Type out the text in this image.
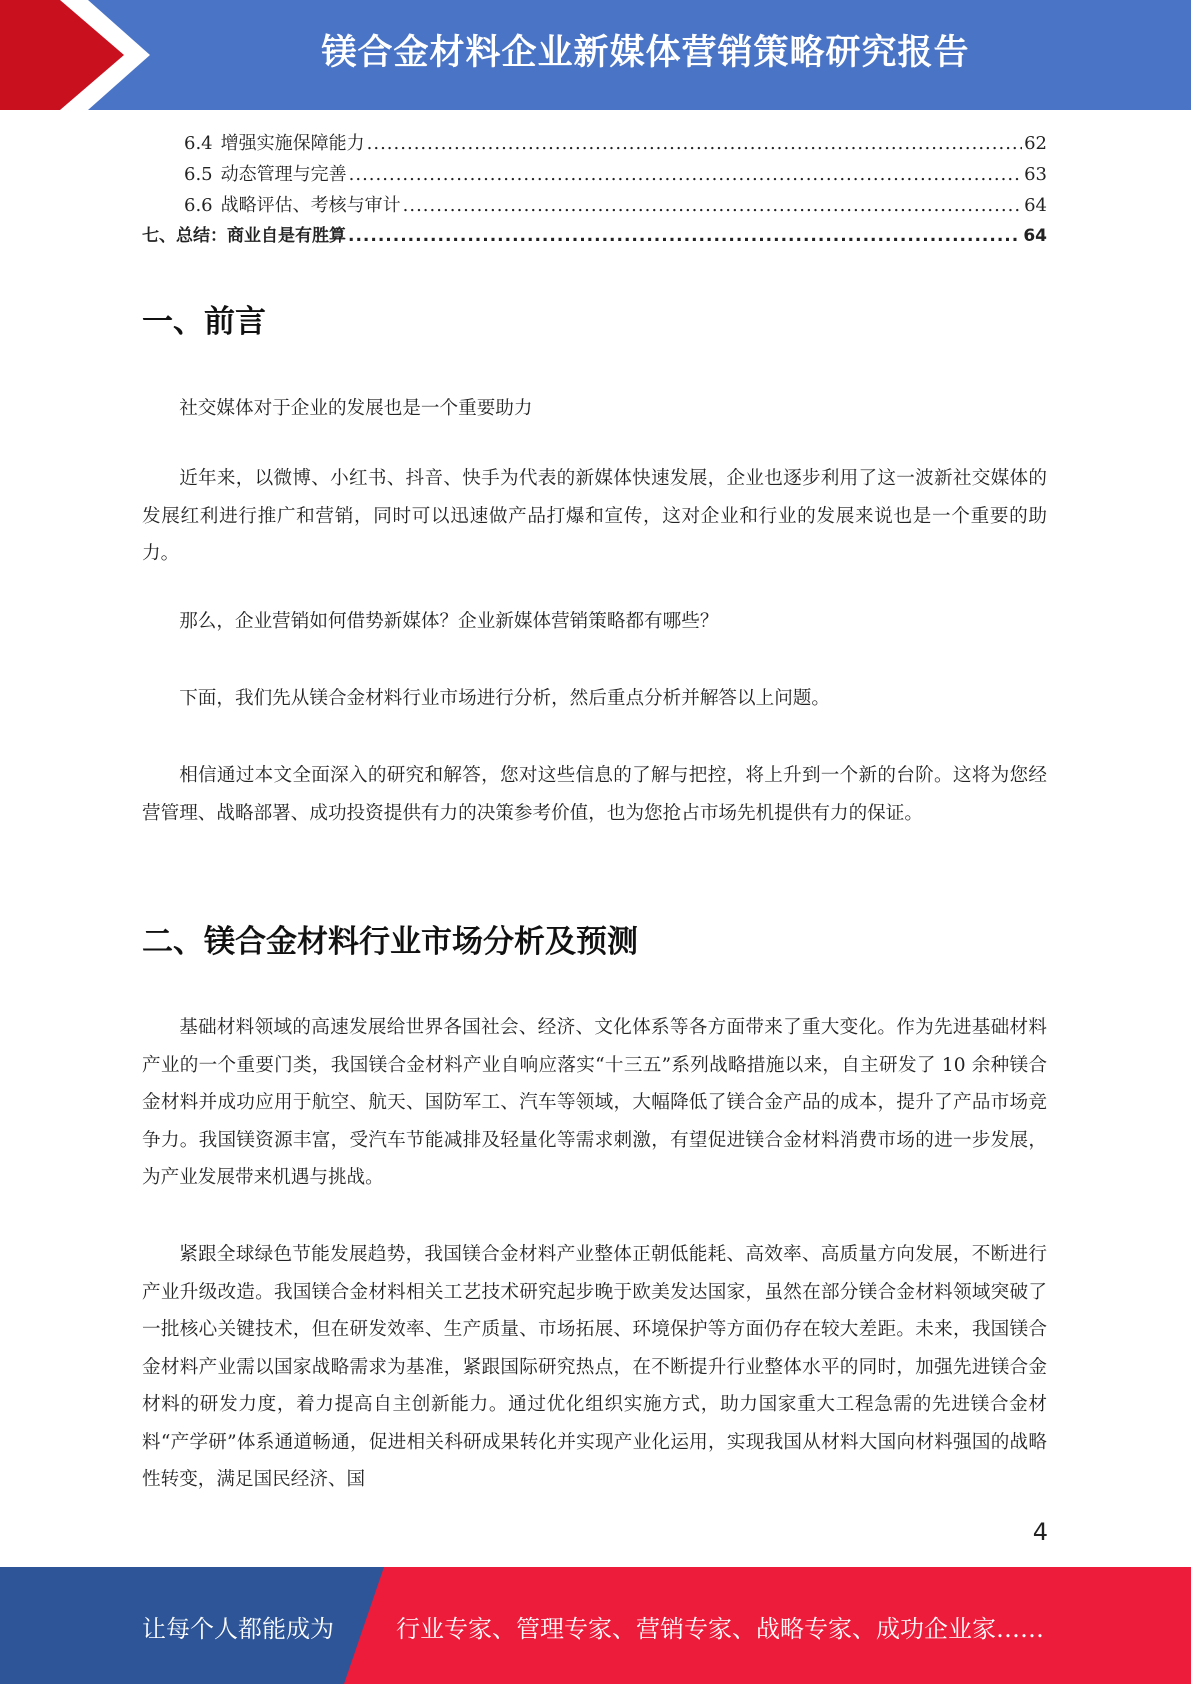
镁合金材料企业新媒体营销策略研究报告
6.4 增强实施保障能力 .....	62
6.5 动态管理与完善 .....	63
6.6 战略评估、考核与审计 .....	64
七、总结：商业自是有胜算 .....	64
一、前言

社交媒体对于企业的发展也是一个重要助力

近年来，以微博、小红书、抖音、快手为代表的新媒体快速发展，企业也逐步利用了这一波新社交媒体的发展红利进行推广和营销，同时可以迅速做产品打爆和宣传，这对企业和行业的发展来说也是一个重要的助力。

那么，企业营销如何借势新媒体？企业新媒体营销策略都有哪些？

下面，我们先从镁合金材料行业市场进行分析，然后重点分析并解答以上问题。

相信通过本文全面深入的研究和解答，您对这些信息的了解与把控，将上升到一个新的台阶。这将为您经营管理、战略部署、成功投资提供有力的决策参考价值，也为您抢占市场先机提供有力的保证。

二、镁合金材料行业市场分析及预测

基础材料领域的高速发展给世界各国社会、经济、文化体系等各方面带来了重大变化。作为先进基础材料产业的一个重要门类，我国镁合金材料产业自响应落实“十三五”系列战略措施以来，自主研发了 10 余种镁合金材料并成功应用于航空、航天、国防军工、汽车等领域，大幅降低了镁合金产品的成本，提升了产品市场竞争力。我国镁资源丰富，受汽车节能减排及轻量化等需求刺激，有望促进镁合金材料消费市场的进一步发展，为产业发展带来机遇与挑战。

紧跟全球绿色节能发展趋势，我国镁合金材料产业整体正朝低能耗、高效率、高质量方向发展，不断进行产业升级改造。我国镁合金材料相关工艺技术研究起步晚于欧美发达国家，虽然在部分镁合金材料领域突破了一批核心关键技术，但在研发效率、生产质量、市场拓展、环境保护等方面仍存在较大差距。未来，我国镁合金材料产业需以国家战略需求为基准，紧跟国际研究热点，在不断提升行业整体水平的同时，加强先进镁合金材料的研发力度，着力提高自主创新能力。通过优化组织实施方式，助力国家重大工程急需的先进镁合金材料“产学研”体系通道畅通，促进相关科研成果转化并实现产业化运用，实现我国从材料大国向材料强国的战略性转变，满足国民经济、国

4
让每个人都能成为	行业专家、管理专家、营销专家、战略专家、成功企业家……
